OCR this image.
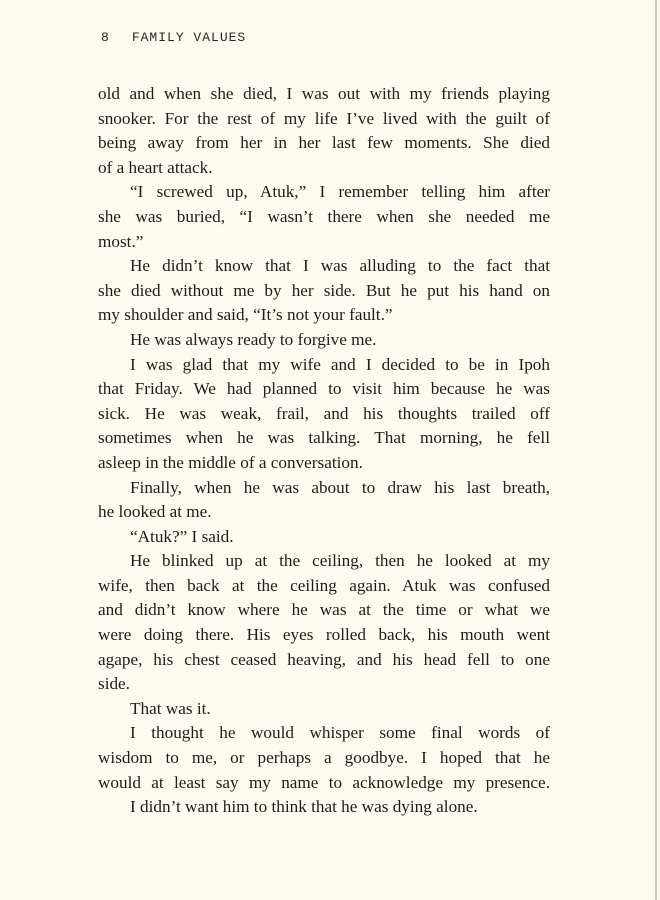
8 FAMILY VALUES
old and when she died, I was out with my friends playing
snooker. For the rest of my life I’ve lived with the guilt of
being away from her in her last few moments. She died
of a heart attack.
“I screwed up, Atuk,” I remember telling him after
she was buried, “I wasn’t there when she needed me
most.”
He didn’t know that I was alluding to the fact that
she died without me by her side. But he put his hand on
my shoulder and said, “It’s not your fault.”
He was always ready to forgive me.
I was glad that my wife and I decided to be in Ipoh
that Friday. We had planned to visit him because he was
sick. He was weak, frail, and his thoughts trailed off
sometimes when he was talking. That morning, he fell
asleep in the middle of a conversation.
Finally, when he was about to draw his last breath,
he looked at me.
“Atuk?” I said.
He blinked up at the ceiling, then he looked at my
wife, then back at the ceiling again. Atuk was confused
and didn’t know where he was at the time or what we
were doing there. His eyes rolled back, his mouth went
agape, his chest ceased heaving, and his head fell to one
side.
That was it.
I thought he would whisper some final words of
wisdom to me, or perhaps a goodbye. I hoped that he
would at least say my name to acknowledge my presence.
I didn’t want him to think that he was dying alone.
